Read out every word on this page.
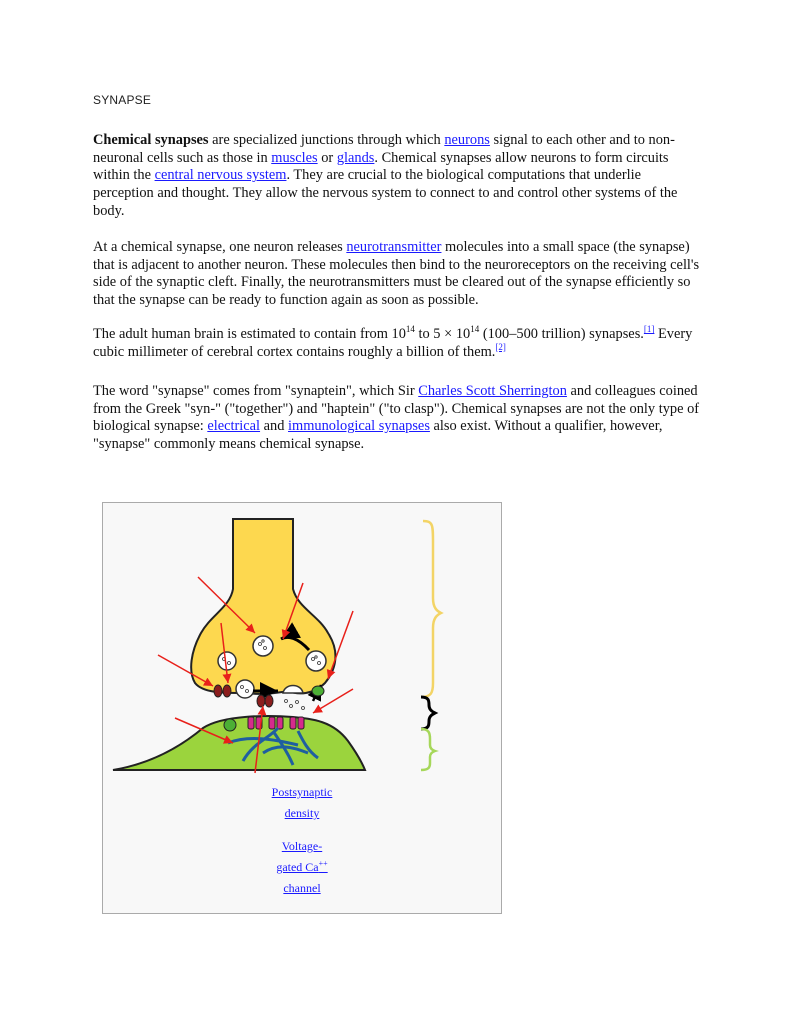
SYNAPSE
Chemical synapses are specialized junctions through which neurons signal to each other and to non-neuronal cells such as those in muscles or glands. Chemical synapses allow neurons to form circuits within the central nervous system. They are crucial to the biological computations that underlie perception and thought. They allow the nervous system to connect to and control other systems of the body.
At a chemical synapse, one neuron releases neurotransmitter molecules into a small space (the synapse) that is adjacent to another neuron. These molecules then bind to the neuroreceptors on the receiving cell's side of the synaptic cleft. Finally, the neurotransmitters must be cleared out of the synapse efficiently so that the synapse can be ready to function again as soon as possible.
The adult human brain is estimated to contain from $10^{14}$ to $5 \times 10^{14}$ (100–500 trillion) synapses.[1] Every cubic millimeter of cerebral cortex contains roughly a billion of them.[2]
The word "synapse" comes from "synaptein", which Sir Charles Scott Sherrington and colleagues coined from the Greek "syn-" ("together") and "haptein" ("to clasp"). Chemical synapses are not the only type of biological synapse: electrical and immunological synapses also exist. Without a qualifier, however, "synapse" commonly means chemical synapse.
Postsynaptic
density
Voltage-
gated Ca++
channel
